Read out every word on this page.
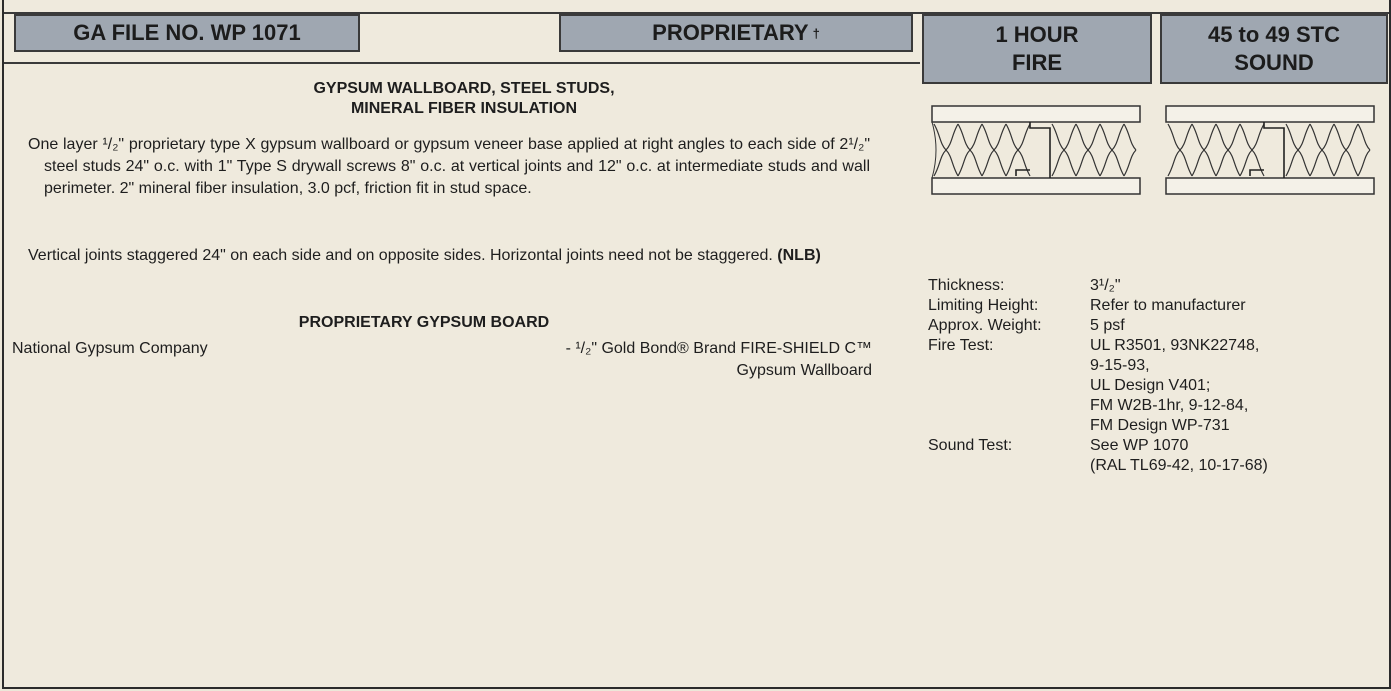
GA FILE NO. WP 1071	PROPRIETARY †	1 HOUR
FIRE
45 to 49 STC
SOUND
GYPSUM WALLBOARD, STEEL STUDS,
MINERAL FIBER INSULATION
One layer ¹/₂" proprietary type X gypsum wallboard or gypsum veneer base applied at right angles to each side of 2¹/₂" steel studs 24" o.c. with 1" Type S drywall screws 8" o.c. at vertical joints and 12" o.c. at intermediate studs and wall perimeter. 2" mineral fiber insulation, 3.0 pcf, friction fit in stud space.
Vertical joints staggered 24" on each side and on opposite sides. Horizontal joints need not be staggered. (NLB)
PROPRIETARY GYPSUM BOARD
National Gypsum Company	- ¹/₂" Gold Bond® Brand FIRE-SHIELD C™
Gypsum Wallboard
Thickness:	3¹/₂"
Limiting Height:	Refer to manufacturer
Approx. Weight:	5 psf
Fire Test:	UL R3501, 93NK22748,
9-15-93,
UL Design V401;
FM W2B-1hr, 9-12-84,
FM Design WP-731
Sound Test:	See WP 1070
(RAL TL69-42, 10-17-68)
